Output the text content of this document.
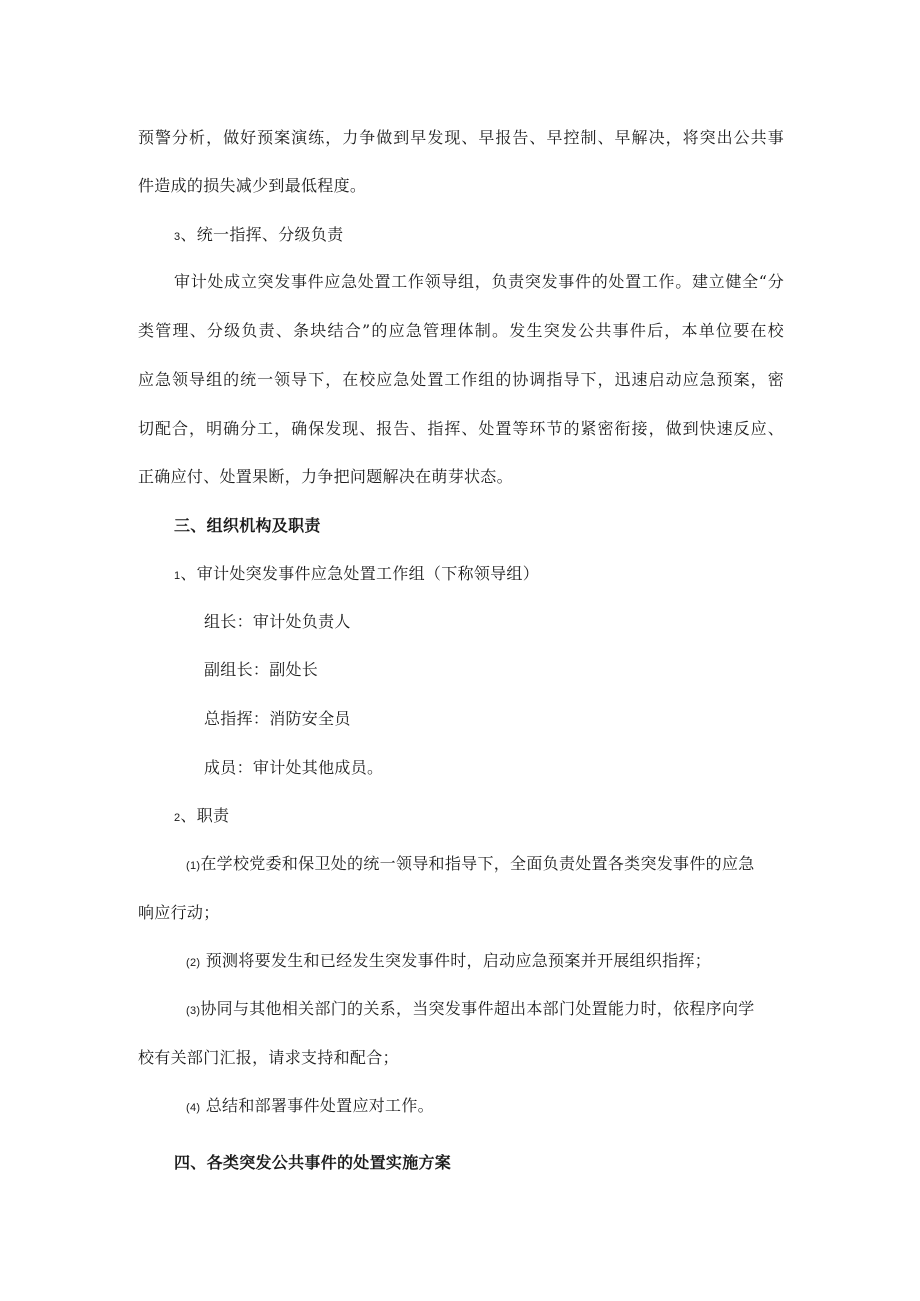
预警分析，做好预案演练，力争做到早发现、早报告、早控制、早解决，将突出公共事
件造成的损失减少到最低程度。
3、统一指挥、分级负责
审计处成立突发事件应急处置工作领导组，负责突发事件的处置工作。建立健全“分
类管理、分级负责、条块结合”的应急管理体制。发生突发公共事件后，本单位要在校
应急领导组的统一领导下，在校应急处置工作组的协调指导下，迅速启动应急预案，密
切配合，明确分工，确保发现、报告、指挥、处置等环节的紧密衔接，做到快速反应、
正确应付、处置果断，力争把问题解决在萌芽状态。
三、组织机构及职责
1、审计处突发事件应急处置工作组（下称领导组）
组长：审计处负责人
副组长：副处长
总指挥：消防安全员
成员：审计处其他成员。
2、职责
(1)在学校党委和保卫处的统一领导和指导下，全面负责处置各类突发事件的应急
响应行动；
(2) 预测将要发生和已经发生突发事件时，启动应急预案并开展组织指挥；
(3)协同与其他相关部门的关系，当突发事件超出本部门处置能力时，依程序向学
校有关部门汇报，请求支持和配合；
(4) 总结和部署事件处置应对工作。
四、各类突发公共事件的处置实施方案
